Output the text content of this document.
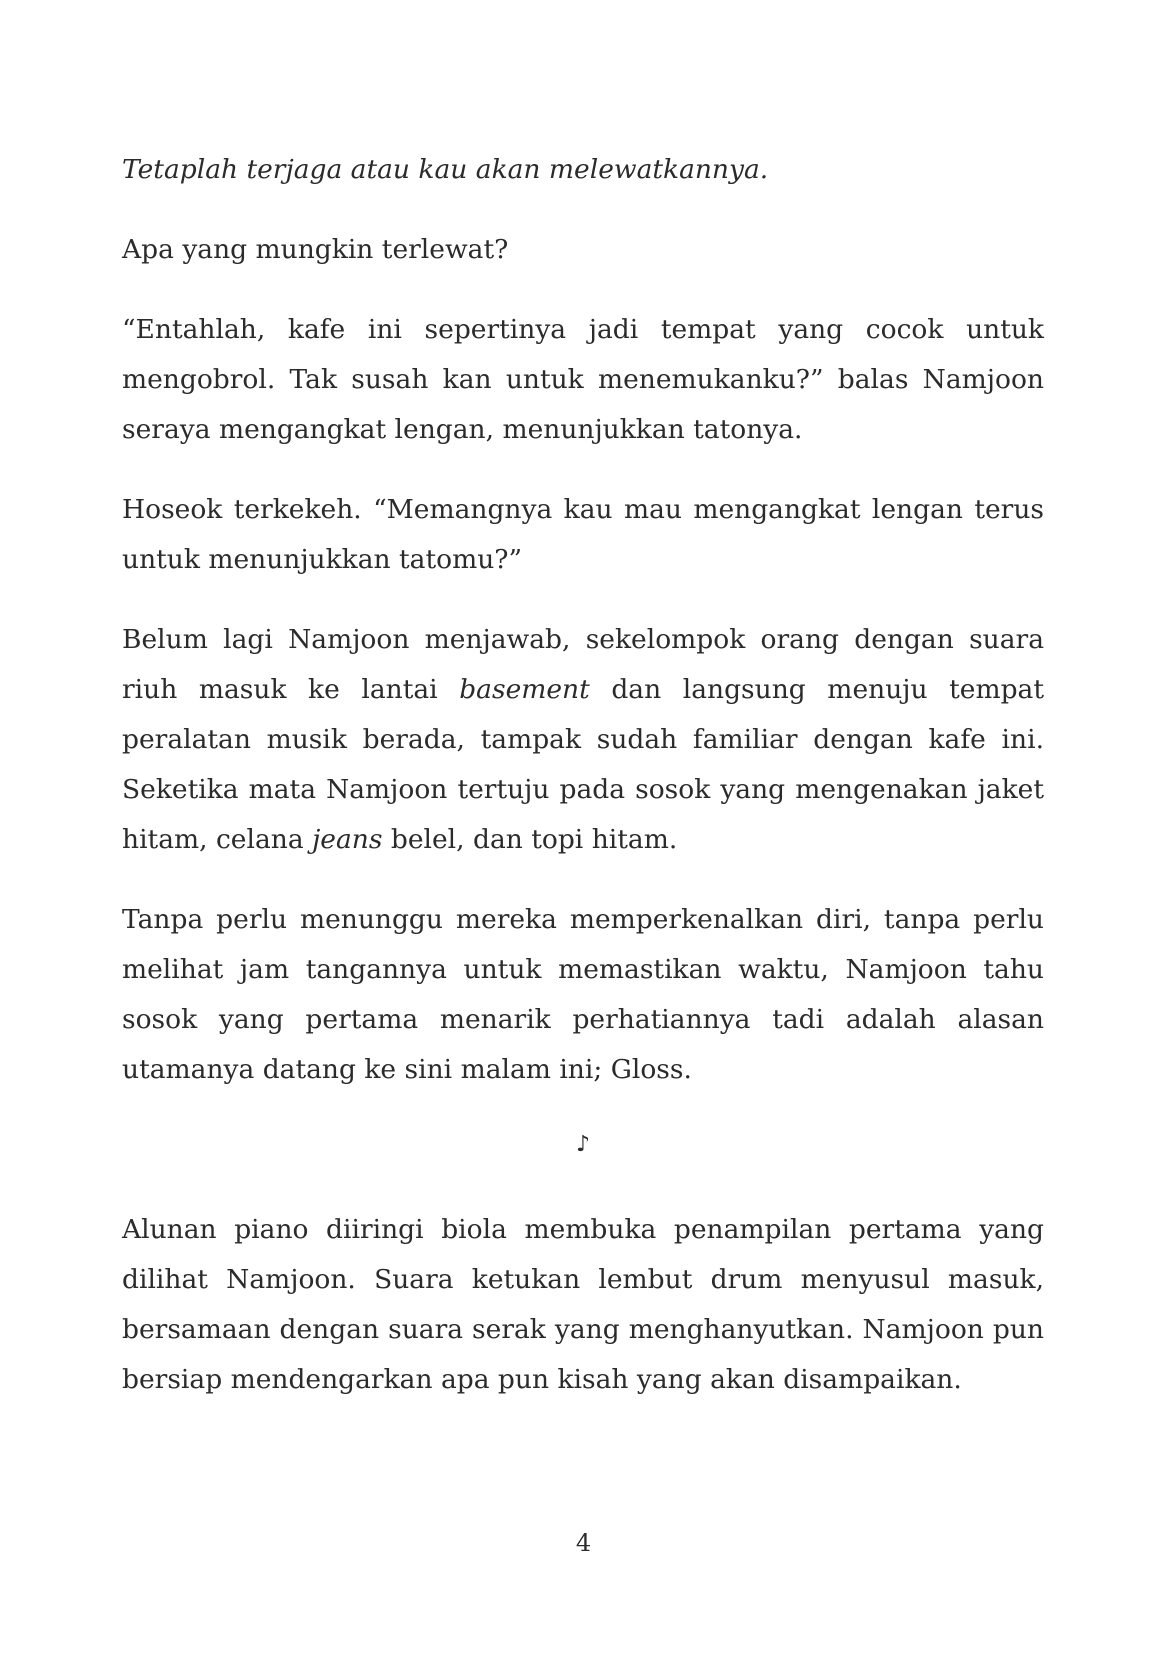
Tetaplah terjaga atau kau akan melewatkannya.

Apa yang mungkin terlewat?

“Entahlah, kafe ini sepertinya jadi tempat yang cocok untuk mengobrol. Tak susah kan untuk menemukanku?” balas Namjoon seraya mengangkat lengan, menunjukkan tatonya.

Hoseok terkekeh. “Memangnya kau mau mengangkat lengan terus untuk menunjukkan tatomu?”

Belum lagi Namjoon menjawab, sekelompok orang dengan suara riuh masuk ke lantai basement dan langsung menuju tempat peralatan musik berada, tampak sudah familiar dengan kafe ini. Seketika mata Namjoon tertuju pada sosok yang mengenakan jaket hitam, celana jeans belel, dan topi hitam.

Tanpa perlu menunggu mereka memperkenalkan diri, tanpa perlu melihat jam tangannya untuk memastikan waktu, Namjoon tahu sosok yang pertama menarik perhatiannya tadi adalah alasan utamanya datang ke sini malam ini; Gloss.

♪

Alunan piano diiringi biola membuka penampilan pertama yang dilihat Namjoon. Suara ketukan lembut drum menyusul masuk, bersamaan dengan suara serak yang menghanyutkan. Namjoon pun bersiap mendengarkan apa pun kisah yang akan disampaikan.

4
